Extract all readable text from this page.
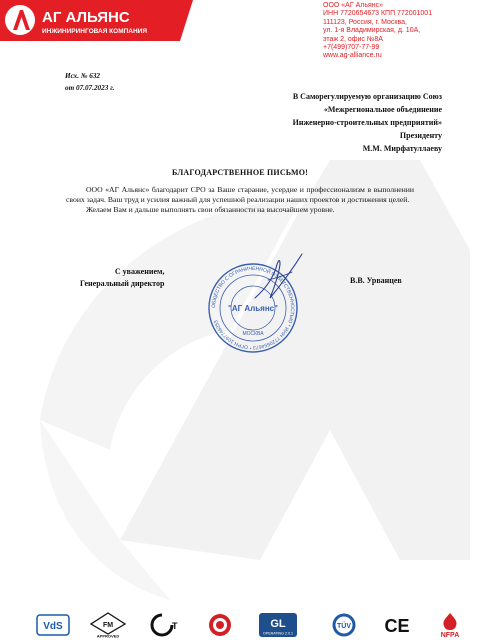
АГ АЛЬЯНС
ИНЖИНИРИНГОВАЯ КОМПАНИЯ
ООО «АГ Альянс»
ИНН 7720654673 КПП 772001001
111123, Россия, г. Москва,
ул. 1-я Владимирская, д. 10А,
этаж 2, офис №8А
+7(499)707-77-99
www.ag-alliance.ru
Исх. № 632
от 07.07.2023 г.
В Саморегулируемую организацию Союз
«Межрегиональное объединение
Инженерно-строительных предприятий»
Президенту
М.М. Мирфатуллаеву
БЛАГОДАРСТВЕННОЕ ПИСЬМО!

ООО «АГ Альянс» благодарит СРО за Ваше старание, усердие и профессионализм в выполнении своих задач. Ваш труд и усилия важный для успешной реализации наших проектов и достижения целей.

Желаем Вам и дальше выполнять свои обязанности на высочайшем уровне.

С уважением,
Генеральный директор	В.В. Урванцев
ОБЩЕСТВО С ОГРАНИЧЕННОЙ ОТВЕТСТВЕННОСТЬЮ * ИНН 7720654673 * ОГРН 1097746253
"АГ Альянс"
МОСКВА
VdS	FM
APPROVED
Т	GL
OPERATING 2.0.1
TÜV CE	NFPA
